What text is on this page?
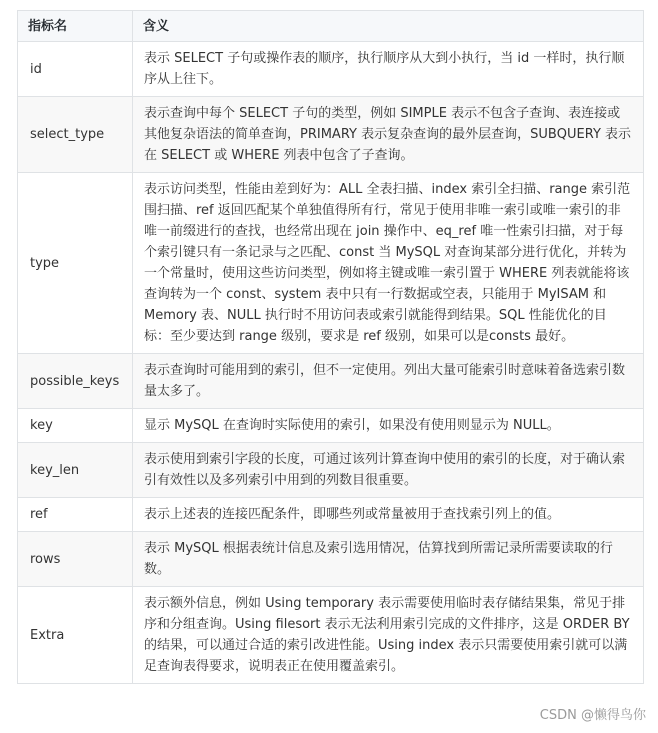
指标名	含义
id	表示 SELECT 子句或操作表的顺序，执行顺序从大到小执行，当 id 一样时，执行顺序从上往下。
select_type	表示查询中每个 SELECT 子句的类型，例如 SIMPLE 表示不包含子查询、表连接或其他复杂语法的简单查询，PRIMARY 表示复杂查询的最外层查询，SUBQUERY 表示在 SELECT 或 WHERE 列表中包含了子查询。
type	表示访问类型，性能由差到好为：ALL 全表扫描、index 索引全扫描、range 索引范围扫描、ref 返回匹配某个单独值得所有行，常见于使用非唯一索引或唯一索引的非唯一前缀进行的查找，也经常出现在 join 操作中、eq_ref 唯一性索引扫描，对于每个索引键只有一条记录与之匹配、const 当 MySQL 对查询某部分进行优化，并转为一个常量时，使用这些访问类型，例如将主键或唯一索引置于 WHERE 列表就能将该查询转为一个 const、system 表中只有一行数据或空表，只能用于 MyISAM 和 Memory 表、NULL 执行时不用访问表或索引就能得到结果。SQL 性能优化的目标：至少要达到 range 级别，要求是 ref 级别，如果可以是consts 最好。
possible_keys	表示查询时可能用到的索引，但不一定使用。列出大量可能索引时意味着备选索引数量太多了。
key	显示 MySQL 在查询时实际使用的索引，如果没有使用则显示为 NULL。
key_len	表示使用到索引字段的长度，可通过该列计算查询中使用的索引的长度，对于确认索引有效性以及多列索引中用到的列数目很重要。
ref	表示上述表的连接匹配条件，即哪些列或常量被用于查找索引列上的值。
rows	表示 MySQL 根据表统计信息及索引选用情况，估算找到所需记录所需要读取的行数。
Extra	表示额外信息，例如 Using temporary 表示需要使用临时表存储结果集，常见于排序和分组查询。Using filesort 表示无法利用索引完成的文件排序，这是 ORDER BY 的结果，可以通过合适的索引改进性能。Using index 表示只需要使用索引就可以满足查询表得要求，说明表正在使用覆盖索引。
CSDN @懒得鸟你
